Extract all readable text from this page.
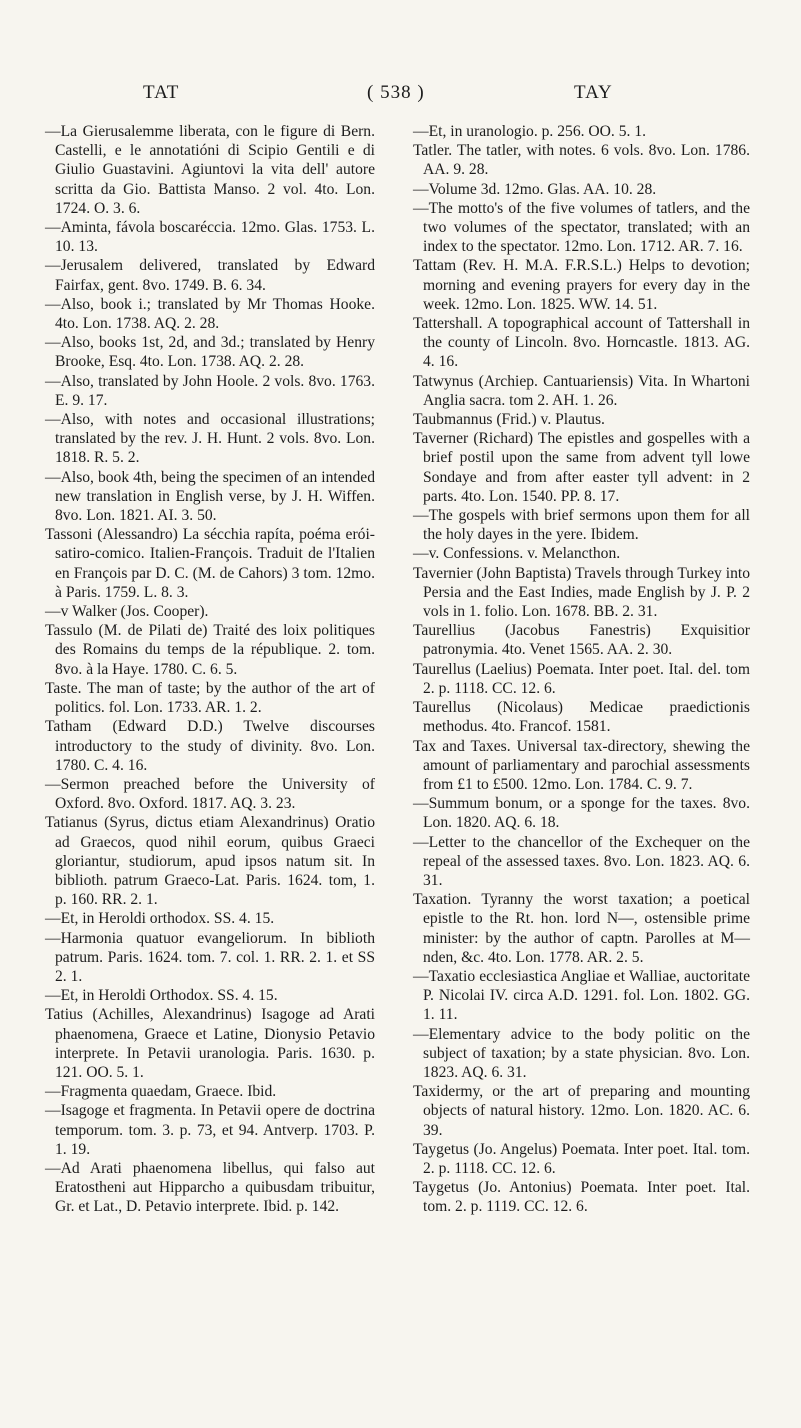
TAT	( 538 )	TAY

—La Gierusalemme liberata, con le figure di Bern. Castelli, e le annotatióni di Scipio Gentili e di Giulio Guastavini. Agiuntovi la vita dell' autore scritta da Gio. Battista Manso. 2 vol. 4to. Lon. 1724. O. 3. 6.

—Aminta, fávola boscaréccia. 12mo. Glas. 1753. L. 10. 13.

—Jerusalem delivered, translated by Edward Fairfax, gent. 8vo. 1749. B. 6. 34.

—Also, book i.; translated by Mr Thomas Hooke. 4to. Lon. 1738. AQ. 2. 28.

—Also, books 1st, 2d, and 3d.; translated by Henry Brooke, Esq. 4to. Lon. 1738. AQ. 2. 28.

—Also, translated by John Hoole. 2 vols. 8vo. 1763. E. 9. 17.

—Also, with notes and occasional illustrations; translated by the rev. J. H. Hunt. 2 vols. 8vo. Lon. 1818. R. 5. 2.

—Also, book 4th, being the specimen of an intended new translation in English verse, by J. H. Wiffen. 8vo. Lon. 1821. AI. 3. 50.

Tassoni (Alessandro) La sécchia rapíta, poéma erói-satiro-comico. Italien-François. Traduit de l'Italien en François par D. C. (M. de Cahors) 3 tom. 12mo. à Paris. 1759. L. 8. 3.

—v Walker (Jos. Cooper).

Tassulo (M. de Pilati de) Traité des loix politiques des Romains du temps de la république. 2. tom. 8vo. à la Haye. 1780. C. 6. 5.

Taste. The man of taste; by the author of the art of politics. fol. Lon. 1733. AR. 1. 2.

Tatham (Edward D.D.) Twelve discourses introductory to the study of divinity. 8vo. Lon. 1780. C. 4. 16.

—Sermon preached before the University of Oxford. 8vo. Oxford. 1817. AQ. 3. 23.

Tatianus (Syrus, dictus etiam Alexandrinus) Oratio ad Graecos, quod nihil eorum, quibus Graeci gloriantur, studiorum, apud ipsos natum sit. In biblioth. patrum Graeco-Lat. Paris. 1624. tom, 1. p. 160. RR. 2. 1.

—Et, in Heroldi orthodox. SS. 4. 15.

—Harmonia quatuor evangeliorum. In biblioth patrum. Paris. 1624. tom. 7. col. 1. RR. 2. 1. et SS 2. 1.

—Et, in Heroldi Orthodox. SS. 4. 15.

Tatius (Achilles, Alexandrinus) Isagoge ad Arati phaenomena, Graece et Latine, Dionysio Petavio interprete. In Petavii uranologia. Paris. 1630. p. 121. OO. 5. 1.

—Fragmenta quaedam, Graece. Ibid.

—Isagoge et fragmenta. In Petavii opere de doctrina temporum. tom. 3. p. 73, et 94. Antverp. 1703. P. 1. 19.

—Ad Arati phaenomena libellus, qui falso aut Eratostheni aut Hipparcho a quibusdam tribuitur, Gr. et Lat., D. Petavio interprete. Ibid. p. 142.

—Et, in uranologio. p. 256. OO. 5. 1.

Tatler. The tatler, with notes. 6 vols. 8vo. Lon. 1786. AA. 9. 28.

—Volume 3d. 12mo. Glas. AA. 10. 28.

—The motto's of the five volumes of tatlers, and the two volumes of the spectator, translated; with an index to the spectator. 12mo. Lon. 1712. AR. 7. 16.

Tattam (Rev. H. M.A. F.R.S.L.) Helps to devotion; morning and evening prayers for every day in the week. 12mo. Lon. 1825. WW. 14. 51.

Tattershall. A topographical account of Tattershall in the county of Lincoln. 8vo. Horncastle. 1813. AG. 4. 16.

Tatwynus (Archiep. Cantuariensis) Vita. In Whartoni Anglia sacra. tom 2. AH. 1. 26.

Taubmannus (Frid.) v. Plautus.

Taverner (Richard) The epistles and gospelles with a brief postil upon the same from advent tyll lowe Sondaye and from after easter tyll advent: in 2 parts. 4to. Lon. 1540. PP. 8. 17.

—The gospels with brief sermons upon them for all the holy dayes in the yere. Ibidem.

—v. Confessions. v. Melancthon.

Tavernier (John Baptista) Travels through Turkey into Persia and the East Indies, made English by J. P. 2 vols in 1. folio. Lon. 1678. BB. 2. 31.

Taurellius (Jacobus Fanestris) Exquisitior patronymia. 4to. Venet 1565. AA. 2. 30.

Taurellus (Laelius) Poemata. Inter poet. Ital. del. tom 2. p. 1118. CC. 12. 6.

Taurellus (Nicolaus) Medicae praedictionis methodus. 4to. Francof. 1581.

Tax and Taxes. Universal tax-directory, shewing the amount of parliamentary and parochial assessments from £1 to £500. 12mo. Lon. 1784. C. 9. 7.

—Summum bonum, or a sponge for the taxes. 8vo. Lon. 1820. AQ. 6. 18.

—Letter to the chancellor of the Exchequer on the repeal of the assessed taxes. 8vo. Lon. 1823. AQ. 6. 31.

Taxation. Tyranny the worst taxation; a poetical epistle to the Rt. hon. lord N—, ostensible prime minister: by the author of captn. Parolles at M—nden, &c. 4to. Lon. 1778. AR. 2. 5.

—Taxatio ecclesiastica Angliae et Walliae, auctoritate P. Nicolai IV. circa A.D. 1291. fol. Lon. 1802. GG. 1. 11.

—Elementary advice to the body politic on the subject of taxation; by a state physician. 8vo. Lon. 1823. AQ. 6. 31.

Taxidermy, or the art of preparing and mounting objects of natural history. 12mo. Lon. 1820. AC. 6. 39.

Taygetus (Jo. Angelus) Poemata. Inter poet. Ital. tom. 2. p. 1118. CC. 12. 6.

Taygetus (Jo. Antonius) Poemata. Inter poet. Ital. tom. 2. p. 1119. CC. 12. 6.
